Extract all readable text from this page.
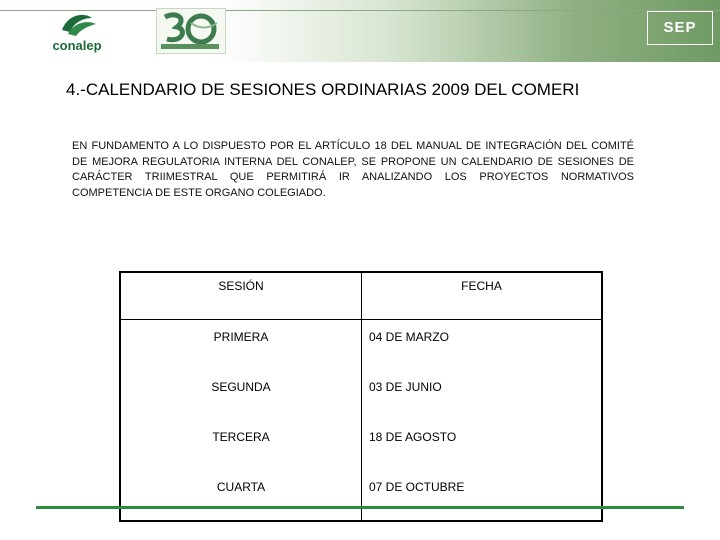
conalep
SEP
4.-CALENDARIO DE SESIONES ORDINARIAS 2009 DEL COMERI
EN FUNDAMENTO A LO DISPUESTO POR EL ARTÍCULO 18 DEL MANUAL DE INTEGRACIÓN DEL COMITÉ DE MEJORA REGULATORIA INTERNA DEL CONALEP, SE PROPONE UN CALENDARIO DE SESIONES DE CARÁCTER TRIIMESTRAL QUE PERMITIRÁ IR ANALIZANDO LOS PROYECTOS NORMATIVOS COMPETENCIA DE ESTE ORGANO COLEGIADO.
SESIÓN	FECHA
PRIMERA	04 DE MARZO
SEGUNDA	03 DE JUNIO
TERCERA	18 DE AGOSTO
CUARTA	07 DE OCTUBRE
